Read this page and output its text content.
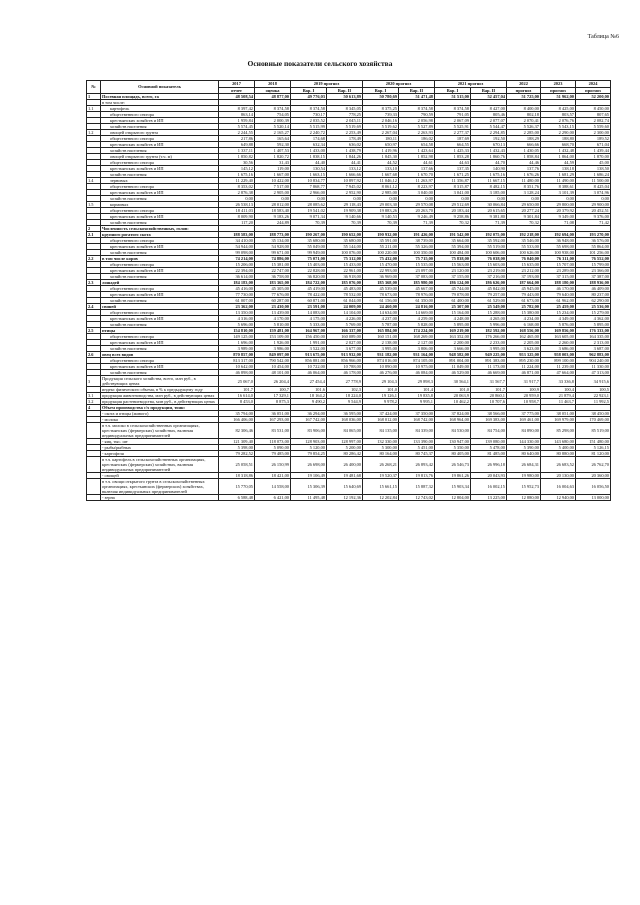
Таблица №6
Основные показатели сельского хозяйства
№	Основной показатель	2017	2018	2019 прогноз		2020 прогноз		2021 прогноз		2022	2023	2024
		отчет	оценка	Вар. I	Вар. II	Вар. I	Вар. II	Вар. I	Вар. II	прогноз	прогноз	прогноз
1	Посевная площадь, всего, га	48 508,54	48 877,00	49 776,03	50 613,89	50 780,69	51 471,48	51 515,00	52 457,04	51 725,00	51 962,00	52 200,00
	в том числе:											
1.1	картофель	8 397,42	8 374,58	8 374,58	8 345,05	8 375,25	8 374,58	8 374,58	8 427,00	8 400,00	8 425,00	8 450,00
	общественного сектора	863,14	754,05	730,17	778,25	739,33	790,59	791,05	805,46	802,18	803,57	807,65
	крестьянских хозяйств и ИП	1 959,84	2 000,39	2 035,52	2 045,11	2 046,16	2 056,98	2 067,09	2 077,07	2 070,41	2 076,76	2 082,74
	хозяйств населения	5 574,45	5 520,14	5 515,99	5 519,69	5 519,62	5 527,89	5 525,91	5 544,47	5 526,37	5 543,15	5 559,60
1.2	овощей открытого грунта	2 244,55	2 165,27	2 240,72	2 253,49	2 267,04	2 263,93	2 277,37	2 294,85	2 285,00	2 290,00	2 300,00
	общественного сектора	217,86	165,64	174,68	178,49	180,11	186,02	187,69	192,50	188,29	188,80	189,52
	крестьянских хозяйств и ИП	649,88	592,30	632,34	636,02	650,97	654,58	664,55	670,13	666,66	668,70	671,04
	хозяйств населения	1 337,11	1 407,53	1 433,00	1 438,79	1 419,96	1 423,64	1 425,33	1 432,43	1 430,05	1 432,48	1 439,44
	овощей открытого грунта (т.ч. м)	1 850,82	1 820,72	1 838,15	1 844,26	1 845,30	1 852,98	1 853,28	1 860,76	1 858,84	1 864,00	1 870,00
	общественного сектора	30,56	31,43	44,40	44,41	44,52	44,61	44,63	44,70	44,46	44,59	45,00
	крестьянских хозяйств и ИП	145,12	119,00	130,54	133,12	133,10	137,66	137,35	140,90	137,76	138,18	138,50
	хозяйств населения	1 675,16	1 667,00	1 663,15	1 666,66	1 667,68	1 670,70	1 671,25	1 675,16	1 676,26	1 681,29	1 686,24
1.4	зерновых	11 229,40	10 422,00	10 834,77	10 897,92	11 046,12	11 263,97	11 356,87	11 667,15	11 480,00	11 490,00	11 500,00
	общественного сектора	8 353,02	7 517,00	7 868,77	7 945,02	8 061,12	8 223,97	8 315,87	8 482,15	8 351,76	8 388,61	8 425,04
	крестьянских хозяйств и ИП	2 876,38	2 905,00	2 966,00	2 952,90	2 985,00	3 040,00	3 041,00	3 185,00	3 128,24	3 101,39	3 074,96
	хозяйств населения	0,00	0,00	0,00	0,00	0,00	0,00	0,00	0,00	0,00	0,00	0,00
1.5	кормовых	26 538,13	28 012,00	28 085,62	29 118,43	29 003,30	29 570,08	29 512,69	30 066,84	29 650,00	29 800,00	29 900,00
	общественного сектора	18 411,03	18 583,40	19 541,02	19 909,38	19 883,26	20 263,70	20 183,44	20 615,65	20 277,24	20 379,92	20 452,51
	крестьянских хозяйств и ИП	8 009,90	9 183,26	9 071,34	9 140,66	9 140,53	9 246,49	9 258,86	9 381,80	9 301,84	9 349,00	9 376,00
	хозяйств населения	117,20	244,89	70,39	70,39	70,39	71,39	70,32	71,39	70,32	71,08	71,42
2	Численность сельскохозяйственных, голов:											
2.1	крупного рогатого скота	188 583,00	188 773,00	190 267,00	190 652,00	190 932,00	191 426,00	191 542,00	192 075,00	192 218,00	192 694,00	193 270,00
	общественного сектора	34 410,00	35 134,00	35 680,00	35 680,00	35 591,00	38 739,00	35 664,00	35 592,00	35 546,00	36 948,00	36 576,00
	крестьянских хозяйств и ИП	54 944,00	54 928,00	55 049,00	55 144,00	55 211,00	55 326,00	55 394,00	55 519,00	55 533,00	55 698,00	55 864,00
	хозяйств населения	99 098,00	99 671,00	99 949,00	100 076,00	100 220,00	100 350,00	100 484,00	100 606,00	100 626,00	100 938,00	101 256,00
2.2	в том числе коров	74 214,00	74 886,00	75 071,00	75 312,00	75 432,00	75 715,00	75 838,00	76 038,00	76 040,00	76 311,00	76 552,00
	общественного сектора	15 206,00	15 381,00	15 403,00	15 433,00	15 470,00	15 535,00	15 563,00	15 603,00	15 635,00	15 707,00	15 799,00
	крестьянских хозяйств и ИП	22 394,00	22 747,00	22 828,00	22 961,00	22 993,00	23 097,00	23 120,00	23 219,00	23 212,00	23 289,00	23 366,00
	хозяйств населения	36 614,00	36 758,00	36 820,00	36 918,00	36 969,00	37 083,00	37 155,00	37 216,00	37 193,00	37 315,00	37 387,00
2.3	лошадей	184 183,00	183 365,00	184 722,00	185 076,00	185 368,00	185 980,00	186 124,00	186 626,00	187 664,00	188 180,00	188 936,00
	общественного сектора	45 416,00	45 305,00	45 419,00	45 483,00	45 539,00	45 667,00	45 744,00	45 842,00	45 945,00	46 170,00	46 409,00
	крестьянских хозяйств и ИП	77 730,00	77 676,00	78 422,00	78 532,00	78 673,00	78 976,00	79 078,00	79 257,00	79 443,00	79 640,00	80 237,00
	хозяйств населения	61 007,00	60 287,00	60 871,00	61 044,00	61 156,00	61 350,00	61 400,00	61 529,00	61 673,00	61 962,00	62 290,00
2.4	свиней	23 362,00	23 430,00	23 591,00	24 009,00	24 460,00	24 816,00	25 307,00	25 549,00	25 782,00	25 459,00	25 536,00
	общественного сектора	13 350,00	13 439,00	14 083,00	14 104,00	14 634,00	14 669,00	15 164,00	15 288,00	15 380,00	15 234,00	15 279,00
	крестьянских хозяйств и ИП	4 316,00	4 170,00	4 175,00	4 226,00	4 237,00	4 259,00	4 248,00	4 265,00	4 234,00	4 349,00	4 362,00
	хозяйств населения	5 696,00	5 810,00	5 333,00	5 769,00	5 787,00	5 828,00	5 895,00	5 996,00	6 168,00	5 876,00	5 895,00
2.5	птицы	154 810,00	159 481,00	164 967,00	166 337,00	165 884,00	174 224,00	169 219,00	182 592,00	168 556,00	169 856,00	176 333,00
	общественного сектора	149 125,00	153 109,00	156 450,00	160 089,00	160 151,00	168 269,00	163 352,00	176 266,00	162 465,00	163 605,00	164 335,00
	крестьянских хозяйств и ИП	1 696,00	1 926,00	1 991,00	2 027,00	2 138,00	2 127,00	2 200,00	2 233,00	2 205,00	2 260,00	2 313,00
	хозяйств населения	3 989,00	3 986,00	3 522,00	3 677,00	3 995,00	3 806,00	3 666,00	3 995,00	3 623,00	3 686,00	3 687,00
2.6	овец всех видов	870 857,00	849 097,00	913 675,00	913 932,00	931 182,00	931 164,00	948 582,00	949 225,00	953 325,00	958 003,00	962 883,00
	общественного сектора	813 317,00	790 542,00	856 881,00	856 966,00	874 016,00	874 105,00	891 004,00	891 383,00	895 230,00	899 100,00	904 240,00
	крестьянских хозяйств и ИП	10 642,00	10 454,00	10 722,00	10 788,00	10 890,00	10 975,00	11 049,00	11 173,00	11 224,00	11 239,00	11 330,00
	хозяйств населения	46 898,00	48 101,00	46 064,00	46 178,00	46 276,00	46 084,00	46 529,00	46 669,00	46 871,00	47 664,00	47 313,00
3	Продукция сельского хозяйства, всего, млн руб., в действующих ценах	25 067,0	26 204,4	27 454,4	27 778,9	29 104,3	29 898,3	30 564,1	31 567,7	31 917,7	33 336,8	34 915,6
	индекс физического объема, в % к предыдущему году	101,7	100,7	101,6	102,3	101,0	101,4	101,0	101,7	100,9	100,4	100,5
3.1	продукция животноводства, млн руб., в действующих ценах	16 614,0	17 329,1	18 164,2	18 224,0	19 126,1	19 835,8	20 063,9	20 860,1	20 959,0	21 879,4	22 923,1
3.2	продукция растениеводства, млн руб., в действующих ценах	8 453,0	8 875,3	9 490,2	9 544,9	9 978,2	9 995,1	10 462,2	10 707,6	10 958,7	11 463,7	11 992,5
4	Объем производства с/х продукции, тонн:											
	- скота и птицы (живого)	35 794,00	36 051,00	36 294,00	36 595,00	37 424,00	37 350,00	37 824,00	38 566,00	37 775,00	38 051,00	38 450,00
	- молока	166 406,00	167 293,00	167 742,00	168 036,00	168 012,00	168 742,00	168 964,00	169 383,00	169 461,00	169 979,00	170 469,00
	в т.ч. молоко в сельскохозяйственных организациях, крестьянских (фермерских) хозяйствах, включая индивидуальных предпринимателей	82 306,46	83 531,00	83 906,00	84 065,00	84 135,00	84 339,00	84 530,00	84 754,00	84 890,00	85 298,00	85 519,00
	- яиц, тыс. шт	121 309,40	118 073,00	128 903,00	128 997,00	132 330,00	133 390,00	130 947,00	139 080,00	144 330,00	143 680,00	151 480,00
	- рыбы/рыбных	5 398,00	5 090,00	5 120,00	5 200,00	5 300,00	5 451,00	5 350,00	5 478,00	5 390,00	5 400,00	5 126,15
	- картофеля	79 282,52	79 485,00	79 854,25	80 286,42	80 164,00	80 745,37	80 405,00	81 485,00	80 640,00	80 880,00	81 120,00
	в т.ч. картофель в сельскохозяйственных организациях, крестьянских (фермерских) хозяйствах, включая индивидуальных предпринимателей	25 058,51	26 150,99	26 698,00	26 400,00	26 268,21	26 893,42	26 546,73	26 996,18	26 684,31	26 683,52	26 762,70
	- овощей	18 318,86	18 421,00	19 106,49	19 481,68	19 520,37	19 813,76	19 861,26	20 043,93	19 980,00	20 130,00	20 360,00
	в т.ч. овощи открытого грунта в сельскохозяйственных организациях, крестьянских (фермерских) хозяйствах, включая индивидуальных предпринимателей	15 770,05	14 558,00	15 306,39	15 640,69	15 661,15	15 887,32	15 903,34	16 002,15	15 952,73	16 004,63	16 056,50
	- зерна	6 588,48	6 421,00	11 495,48	12 192,36	12 202,84	12 743,02	12 804,00	13 225,00	12 880,00	12 940,00	13 000,00
